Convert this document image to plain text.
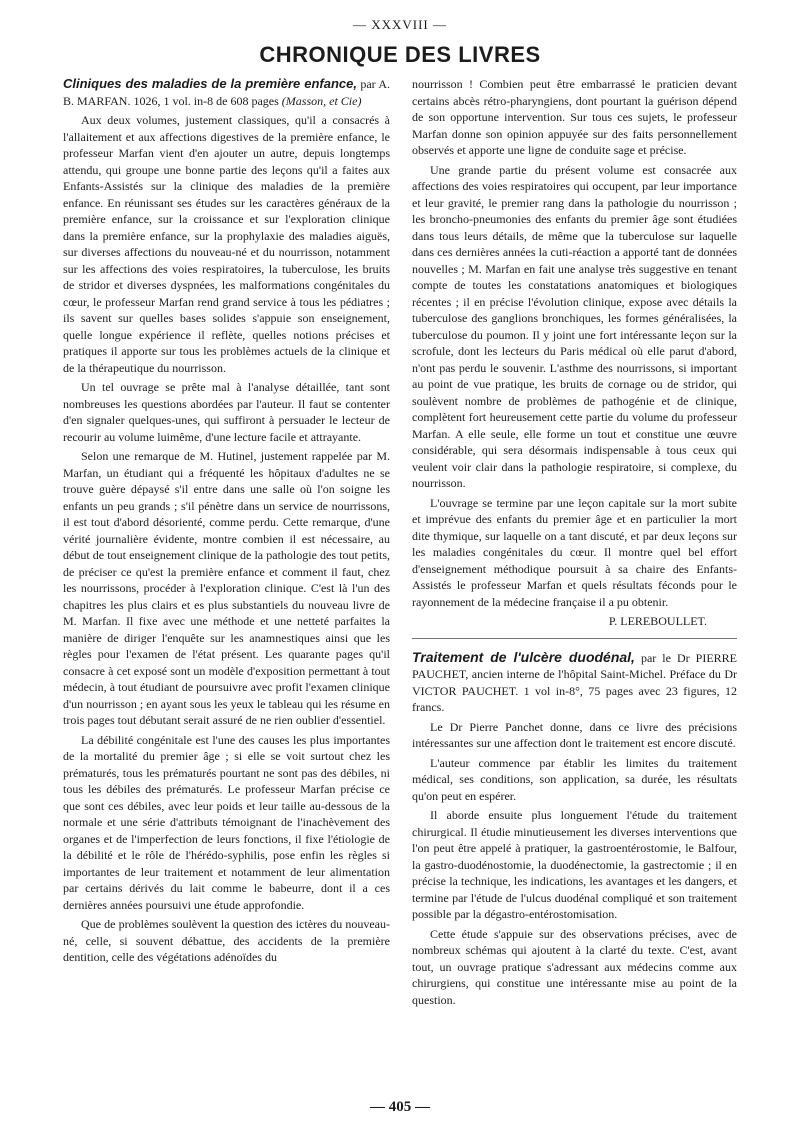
— XXXVIII —
CHRONIQUE DES LIVRES

Cliniques des maladies de la première enfance, par A. B. MARFAN. 1026, 1 vol. in-8 de 608 pages (Masson, et Cie)

Aux deux volumes, justement classiques, qu'il a consacrés à l'allaitement et aux affections digestives de la première enfance, le professeur Marfan vient d'en ajouter un autre, depuis longtemps attendu, qui groupe une bonne partie des leçons qu'il a faites aux Enfants-Assistés sur la clinique des maladies de la première enfance. En réunissant ses études sur les caractères généraux de la première enfance, sur la croissance et sur l'exploration clinique dans la première enfance, sur la prophylaxie des maladies aiguës, sur diverses affections du nouveau-né et du nourrisson, notamment sur les affections des voies respiratoires, la tuberculose, les bruits de stridor et diverses dyspnées, les malformations congénitales du cœur, le professeur Marfan rend grand service à tous les pédiatres ; ils savent sur quelles bases solides s'appuie son enseignement, quelle longue expérience il reflète, quelles notions précises et pratiques il apporte sur tous les problèmes actuels de la clinique et de la thérapeutique du nourrisson.

Un tel ouvrage se prête mal à l'analyse détaillée, tant sont nombreuses les questions abordées par l'auteur. Il faut se contenter d'en signaler quelques-unes, qui suffiront à persuader le lecteur de recourir au volume luimême, d'une lecture facile et attrayante.

Selon une remarque de M. Hutinel, justement rappelée par M. Marfan, un étudiant qui a fréquenté les hôpitaux d'adultes ne se trouve guère dépaysé s'il entre dans une salle où l'on soigne les enfants un peu grands ; s'il pénètre dans un service de nourrissons, il est tout d'abord désorienté, comme perdu. Cette remarque, d'une vérité journalière évidente, montre combien il est nécessaire, au début de tout enseignement clinique de la pathologie des tout petits, de préciser ce qu'est la première enfance et comment il faut, chez les nourrissons, procéder à l'exploration clinique. C'est là l'un des chapitres les plus clairs et es plus substantiels du nouveau livre de M. Marfan. Il fixe avec une méthode et une netteté parfaites la manière de diriger l'enquête sur les anamnestiques ainsi que les règles pour l'examen de l'état présent. Les quarante pages qu'il consacre à cet exposé sont un modèle d'exposition permettant à tout médecin, à tout étudiant de poursuivre avec profit l'examen clinique d'un nourrisson ; en ayant sous les yeux le tableau qui les résume en trois pages tout débutant serait assuré de ne rien oublier d'essentiel.

La débilité congénitale est l'une des causes les plus importantes de la mortalité du premier âge ; si elle se voit surtout chez les prématurés, tous les prématurés pourtant ne sont pas des débiles, ni tous les débiles des prématurés. Le professeur Marfan précise ce que sont ces débiles, avec leur poids et leur taille au-dessous de la normale et une série d'attributs témoignant de l'inachèvement des organes et de l'imperfection de leurs fonctions, il fixe l'étiologie de la débilité et le rôle de l'hérédo-syphilis, pose enfin les règles si importantes de leur traitement et notamment de leur alimentation par certains dérivés du lait comme le babeurre, dont il a ces dernières années poursuivi une étude approfondie.

Que de problèmes soulèvent la question des ictères du nouveau-né, celle, si souvent débattue, des accidents de la première dentition, celle des végétations adénoïdes du

nourrisson ! Combien peut être embarrassé le praticien devant certains abcès rétro-pharyngiens, dont pourtant la guérison dépend de son opportune intervention. Sur tous ces sujets, le professeur Marfan donne son opinion appuyée sur des faits personnellement observés et apporte une ligne de conduite sage et précise.

Une grande partie du présent volume est consacrée aux affections des voies respiratoires qui occupent, par leur importance et leur gravité, le premier rang dans la pathologie du nourrisson ; les broncho-pneumonies des enfants du premier âge sont étudiées dans tous leurs détails, de même que la tuberculose sur laquelle dans ces dernières années la cuti-réaction a apporté tant de données nouvelles ; M. Marfan en fait une analyse très suggestive en tenant compte de toutes les constatations anatomiques et biologiques récentes ; il en précise l'évolution clinique, expose avec détails la tuberculose des ganglions bronchiques, les formes généralisées, la tuberculose du poumon. Il y joint une fort intéressante leçon sur la scrofule, dont les lecteurs du Paris médical où elle parut d'abord, n'ont pas perdu le souvenir. L'asthme des nourrissons, si important au point de vue pratique, les bruits de cornage ou de stridor, qui soulèvent nombre de problèmes de pathogénie et de clinique, complètent fort heureusement cette partie du volume du professeur Marfan. A elle seule, elle forme un tout et constitue une œuvre considérable, qui sera désormais indispensable à tous ceux qui veulent voir clair dans la pathologie respiratoire, si complexe, du nourrisson.

L'ouvrage se termine par une leçon capitale sur la mort subite et imprévue des enfants du premier âge et en particulier la mort dite thymique, sur laquelle on a tant discuté, et par deux leçons sur les maladies congénitales du cœur. Il montre quel bel effort d'enseignement méthodique poursuit à sa chaire des Enfants-Assistés le professeur Marfan et quels résultats féconds pour le rayonnement de la médecine française il a pu obtenir.

P. LEREBOULLET.

Traitement de l'ulcère duodénal, par le Dr PIERRE PAUCHET, ancien interne de l'hôpital Saint-Michel. Préface du Dr VICTOR PAUCHET. 1 vol in-8°, 75 pages avec 23 figures, 12 francs.

Le Dr Pierre Panchet donne, dans ce livre des précisions intéressantes sur une affection dont le traitement est encore discuté.

L'auteur commence par établir les limites du traitement médical, ses conditions, son application, sa durée, les résultats qu'on peut en espérer.

Il aborde ensuite plus longuement l'étude du traitement chirurgical. Il étudie minutieusement les diverses interventions que l'on peut être appelé à pratiquer, la gastroentérostomie, le Balfour, la gastro-duodénostomie, la duodénectomie, la gastrectomie ; il en précise la technique, les indications, les avantages et les dangers, et termine par l'étude de l'ulcus duodénal compliqué et son traitement possible par la dégastro-entérostomisation.

Cette étude s'appuie sur des observations précises, avec de nombreux schémas qui ajoutent à la clarté du texte. C'est, avant tout, un ouvrage pratique s'adressant aux médecins comme aux chirurgiens, qui constitue une intéressante mise au point de la question.

— 405 —
